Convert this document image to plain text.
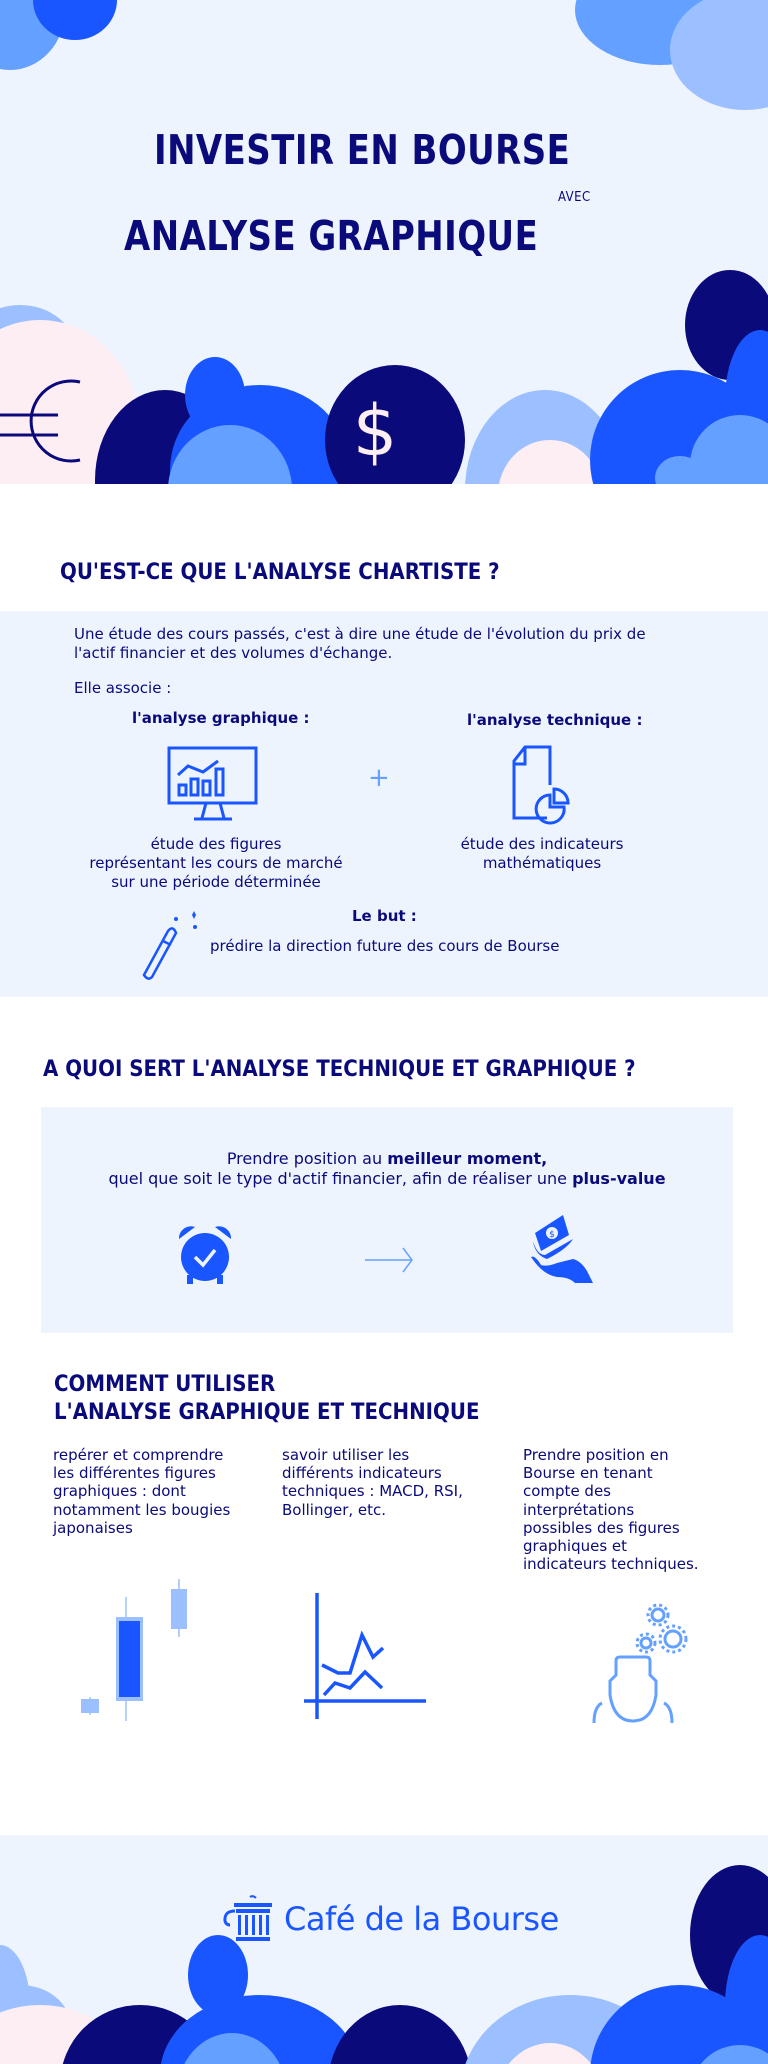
$
INVESTIR EN BOURSE
AVEC
ANALYSE GRAPHIQUE
QU'EST-CE QUE L'ANALYSE CHARTISTE ?
Une étude des cours passés, c'est à dire une étude de l'évolution du prix de
l'actif financier et des volumes d'échange.
Elle associe :
l'analyse graphique :	l'analyse technique :
+
étude des figures
représentant les cours de marché
sur une période déterminée
étude des indicateurs
mathématiques
Le but :
prédire la direction future des cours de Bourse
A QUOI SERT L'ANALYSE TECHNIQUE ET GRAPHIQUE ?
Prendre position au meilleur moment,
quel que soit le type d'actif financier, afin de réaliser une plus-value
$
COMMENT UTILISER
L'ANALYSE GRAPHIQUE ET TECHNIQUE
repérer et comprendre
les différentes figures
graphiques : dont
notamment les bougies
japonaises
savoir utiliser les
différents indicateurs
techniques : MACD, RSI,
Bollinger, etc.
Prendre position en
Bourse en tenant
compte des
interprétations
possibles des figures
graphiques et
indicateurs techniques.
Café de la Bourse
